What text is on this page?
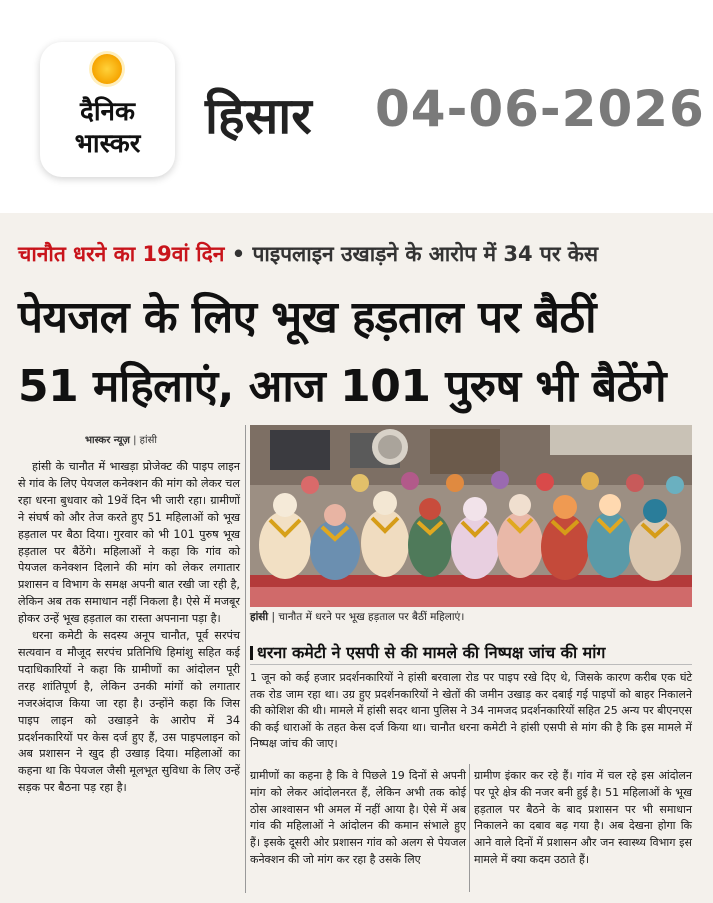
दैनिक
भास्कर	हिसार 04-06-2026
चानौत धरने का 19वां दिन • पाइपलाइन उखाड़ने के आरोप में 34 पर केस
पेयजल के लिए भूख हड़ताल पर बैठीं
51 महिलाएं, आज 101 पुरुष भी बैठेंगे
भास्कर न्यूज़ | हांसी

हांसी के चानौत में भाखड़ा प्रोजेक्ट की पाइप लाइन से गांव के लिए पेयजल कनेक्शन की मांग को लेकर चल रहा धरना बुधवार को 19वें दिन भी जारी रहा। ग्रामीणों ने संघर्ष को और तेज करते हुए 51 महिलाओं को भूख हड़ताल पर बैठा दिया। गुरवार को भी 101 पुरुष भूख हड़ताल पर बैठेंगे। महिलाओं ने कहा कि गांव को पेयजल कनेक्शन दिलाने की मांग को लेकर लगातार प्रशासन व विभाग के समक्ष अपनी बात रखी जा रही है, लेकिन अब तक समाधान नहीं निकला है। ऐसे में मजबूर होकर उन्हें भूख हड़ताल का रास्ता अपनाना पड़ा है।

धरना कमेटी के सदस्य अनूप चानौत, पूर्व सरपंच सत्यवान व मौजूद सरपंच प्रतिनिधि हिमांशु सहित कई पदाधिकारियों ने कहा कि ग्रामीणों का आंदोलन पूरी तरह शांतिपूर्ण है, लेकिन उनकी मांगों को लगातार नजरअंदाज किया जा रहा है। उन्होंने कहा कि जिस पाइप लाइन को उखाड़ने के आरोप में 34 प्रदर्शनकारियों पर केस दर्ज हुए हैं, उस पाइपलाइन को अब प्रशासन ने खुद ही उखाड़ दिया। महिलाओं का कहना था कि पेयजल जैसी मूलभूत सुविधा के लिए उन्हें सड़क पर बैठना पड़ रहा है।

हांसी | चानौत में धरने पर भूख हड़ताल पर बैठीं महिलाएं।
धरना कमेटी ने एसपी से की मामले की निष्पक्ष जांच की मांग
1 जून को कई हजार प्रदर्शनकारियों ने हांसी बरवाला रोड पर पाइप रखे दिए थे, जिसके कारण करीब एक घंटे तक रोड जाम रहा था। उग्र हुए प्रदर्शनकारियों ने खेतों की जमीन उखाड़ कर दबाई गई पाइपों को बाहर निकालने की कोशिश की थी। मामले में हांसी सदर थाना पुलिस ने 34 नामजद प्रदर्शनकारियों सहित 25 अन्य पर बीएनएस की कई धाराओं के तहत केस दर्ज किया था। चानौत धरना कमेटी ने हांसी एसपी से मांग की है कि इस मामले में निष्पक्ष जांच की जाए।
ग्रामीणों का कहना है कि वे पिछले 19 दिनों से अपनी मांग को लेकर आंदोलनरत हैं, लेकिन अभी तक कोई ठोस आश्वासन भी अमल में नहीं आया है। ऐसे में अब गांव की महिलाओं ने आंदोलन की कमान संभाले हुए हैं। इसके दूसरी ओर प्रशासन गांव को अलग से पेयजल कनेक्शन की जो मांग कर रहा है उसके लिए
ग्रामीण इंकार कर रहे हैं। गांव में चल रहे इस आंदोलन पर पूरे क्षेत्र की नजर बनी हुई है। 51 महिलाओं के भूख हड़ताल पर बैठने के बाद प्रशासन पर भी समाधान निकालने का दबाव बढ़ गया है। अब देखना होगा कि आने वाले दिनों में प्रशासन और जन स्वास्थ्य विभाग इस मामले में क्या कदम उठाते हैं।
